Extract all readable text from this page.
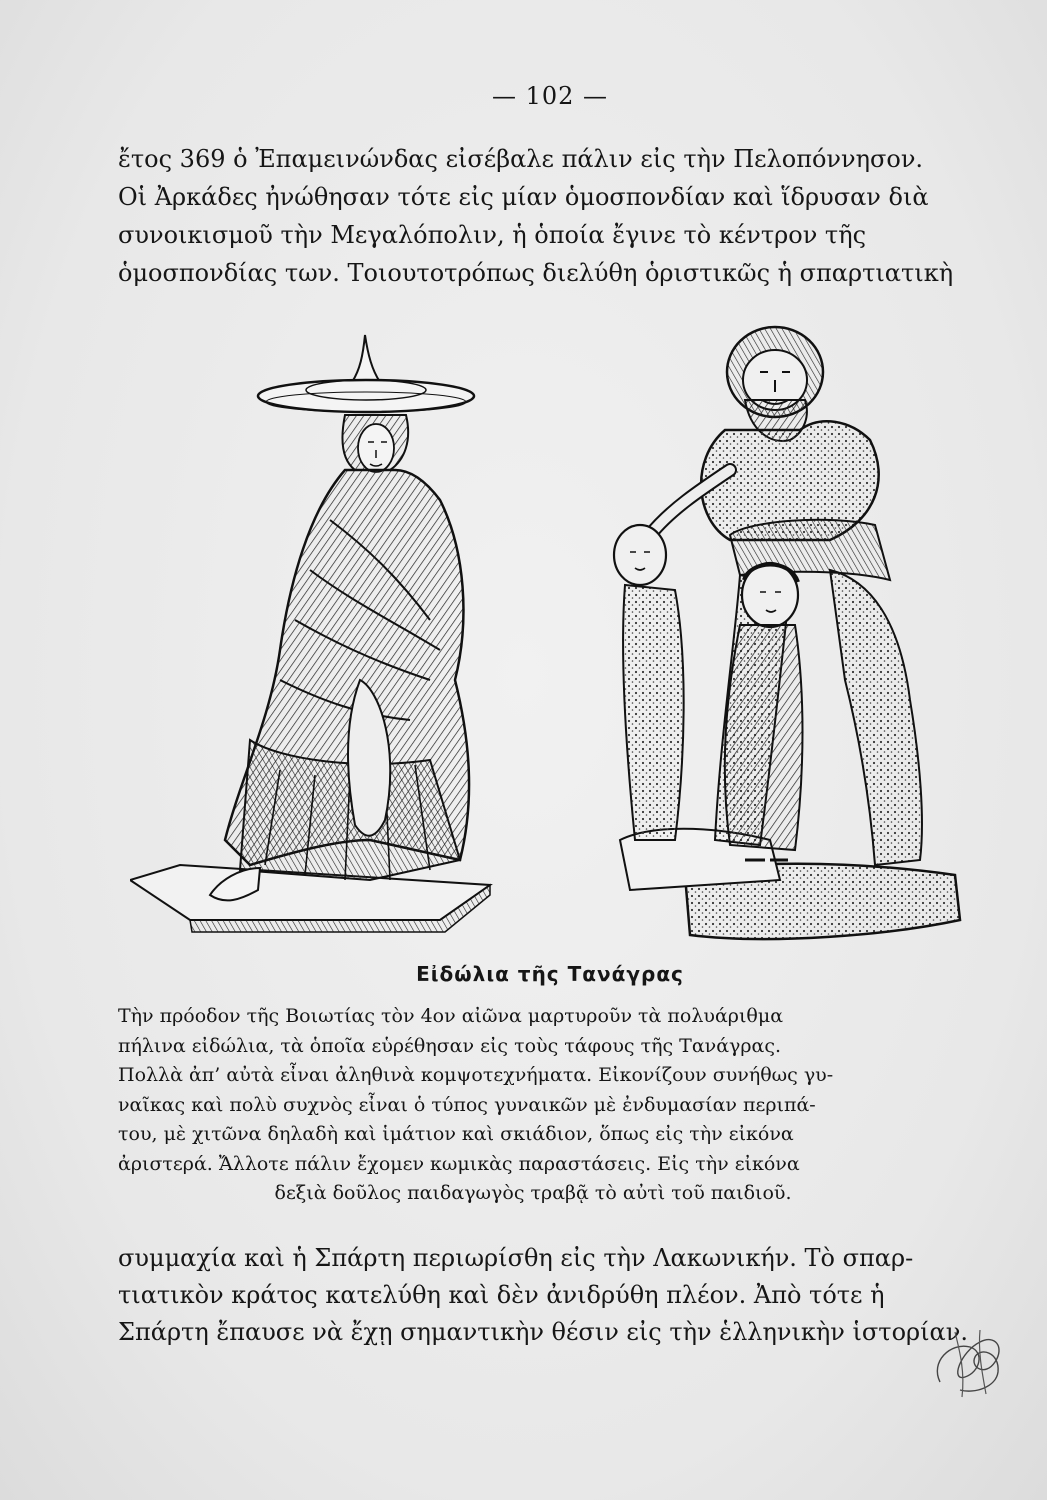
— 102 —
ἔτος 369 ὁ Ἐπαμεινώνδας εἰσέβαλε πάλιν εἰς τὴν Πελοπόννησον.
Οἱ Ἀρκάδες ἠνώθησαν τότε εἰς μίαν ὁμοσπονδίαν καὶ ἵδρυσαν διὰ
συνοικισμοῦ τὴν Μεγαλόπολιν, ἡ ὁποία ἔγινε τὸ κέντρον τῆς
ὁμοσπονδίας των. Τοιουτοτρόπως διελύθη ὁριστικῶς ἡ σπαρτιατικὴ
Εἰδώλια τῆς Τανάγρας
Τὴν πρόοδον τῆς Βοιωτίας τὸν 4ον αἰῶνα μαρτυροῦν τὰ πολυάριθμα
πήλινα εἰδώλια, τὰ ὁποῖα εὑρέθησαν εἰς τοὺς τάφους τῆς Τανάγρας.
Πολλὰ ἀπ’ αὐτὰ εἶναι ἀληθινὰ κομψοτεχνήματα. Εἰκονίζουν συνήθως γυ-
ναῖκας καὶ πολὺ συχνὸς εἶναι ὁ τύπος γυναικῶν μὲ ἐνδυμασίαν περιπά-
του, μὲ χιτῶνα δηλαδὴ καὶ ἱμάτιον καὶ σκιάδιον, ὅπως εἰς τὴν εἰκόνα
ἀριστερά. Ἄλλοτε πάλιν ἔχομεν κωμικὰς παραστάσεις. Εἰς τὴν εἰκόνα
δεξιὰ δοῦλος παιδαγωγὸς τραβᾷ τὸ αὐτὶ τοῦ παιδιοῦ.
συμμαχία καὶ ἡ Σπάρτη περιωρίσθη εἰς τὴν Λακωνικήν. Τὸ σπαρ-
τιατικὸν κράτος κατελύθη καὶ δὲν ἀνιδρύθη πλέον. Ἀπὸ τότε ἡ
Σπάρτη ἔπαυσε νὰ ἔχῃ σημαντικὴν θέσιν εἰς τὴν ἑλληνικὴν ἱστορίαν.
